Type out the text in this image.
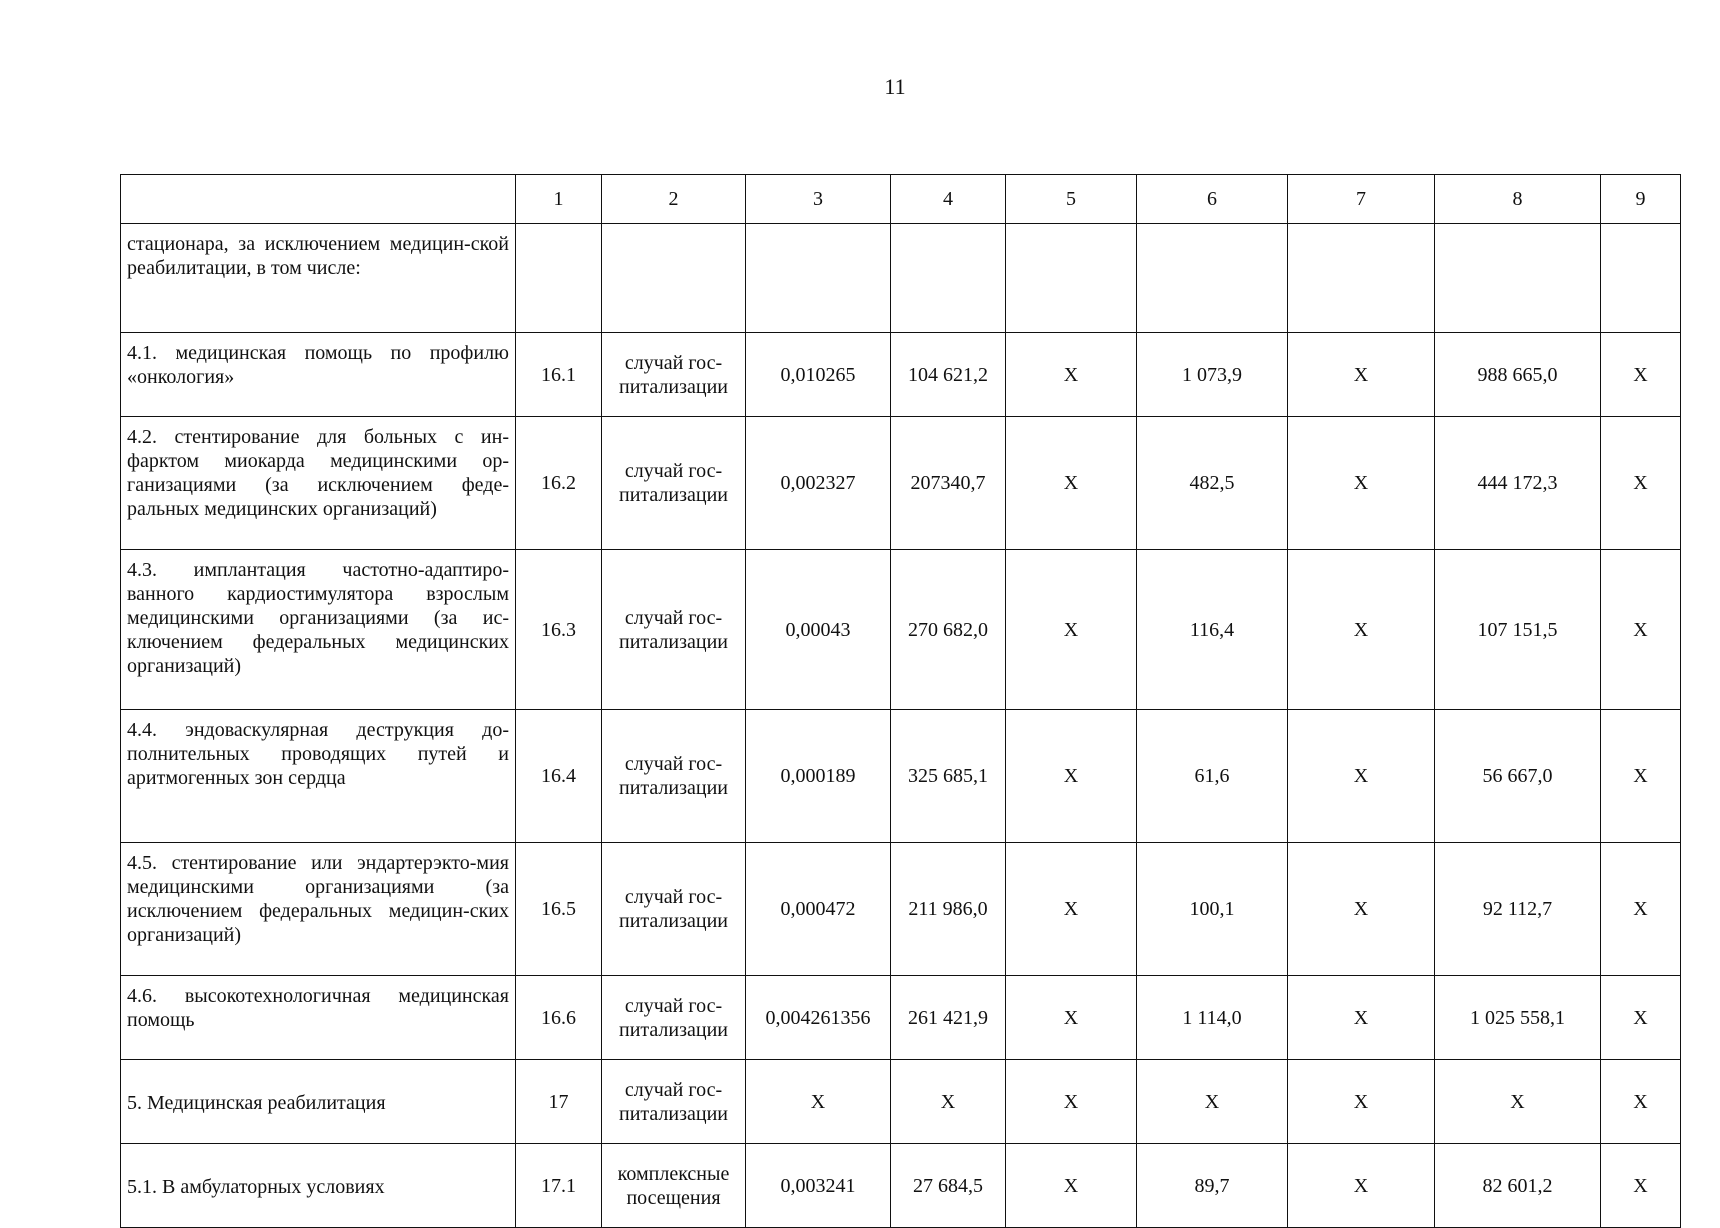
11
	1	2	3	4	5	6	7	8	9
стационара, за исключением медицин-ской реабилитации, в том числе:									
4.1. медицинская помощь по профилю «онкология»	16.1	случай гос-питализации	0,010265	104 621,2	X	1 073,9	X	988 665,0	X
4.2. стентирование для больных с ин-фарктом миокарда медицинскими ор-ганизациями (за исключением феде-ральных медицинских организаций)	16.2	случай гос-питализации	0,002327	207340,7	X	482,5	X	444 172,3	X
4.3. имплантация частотно-адаптиро-ванного кардиостимулятора взрослым медицинскими организациями (за ис-ключением федеральных медицинских организаций)	16.3	случай гос-питализации	0,00043	270 682,0	X	116,4	X	107 151,5	X
4.4. эндоваскулярная деструкция до-полнительных проводящих путей и аритмогенных зон сердца	16.4	случай гос-питализации	0,000189	325 685,1	X	61,6	X	56 667,0	X
4.5. стентирование или эндартерэкто-мия медицинскими организациями (за исключением федеральных медицин-ских организаций)	16.5	случай гос-питализации	0,000472	211 986,0	X	100,1	X	92 112,7	X
4.6. высокотехнологичная медицинская помощь	16.6	случай гос-питализации	0,004261356	261 421,9	X	1 114,0	X	1 025 558,1	X
5. Медицинская реабилитация	17	случай гос-питализации	X	X	X	X	X	X	X
5.1. В амбулаторных условиях	17.1	комплексные посещения	0,003241	27 684,5	X	89,7	X	82 601,2	X
